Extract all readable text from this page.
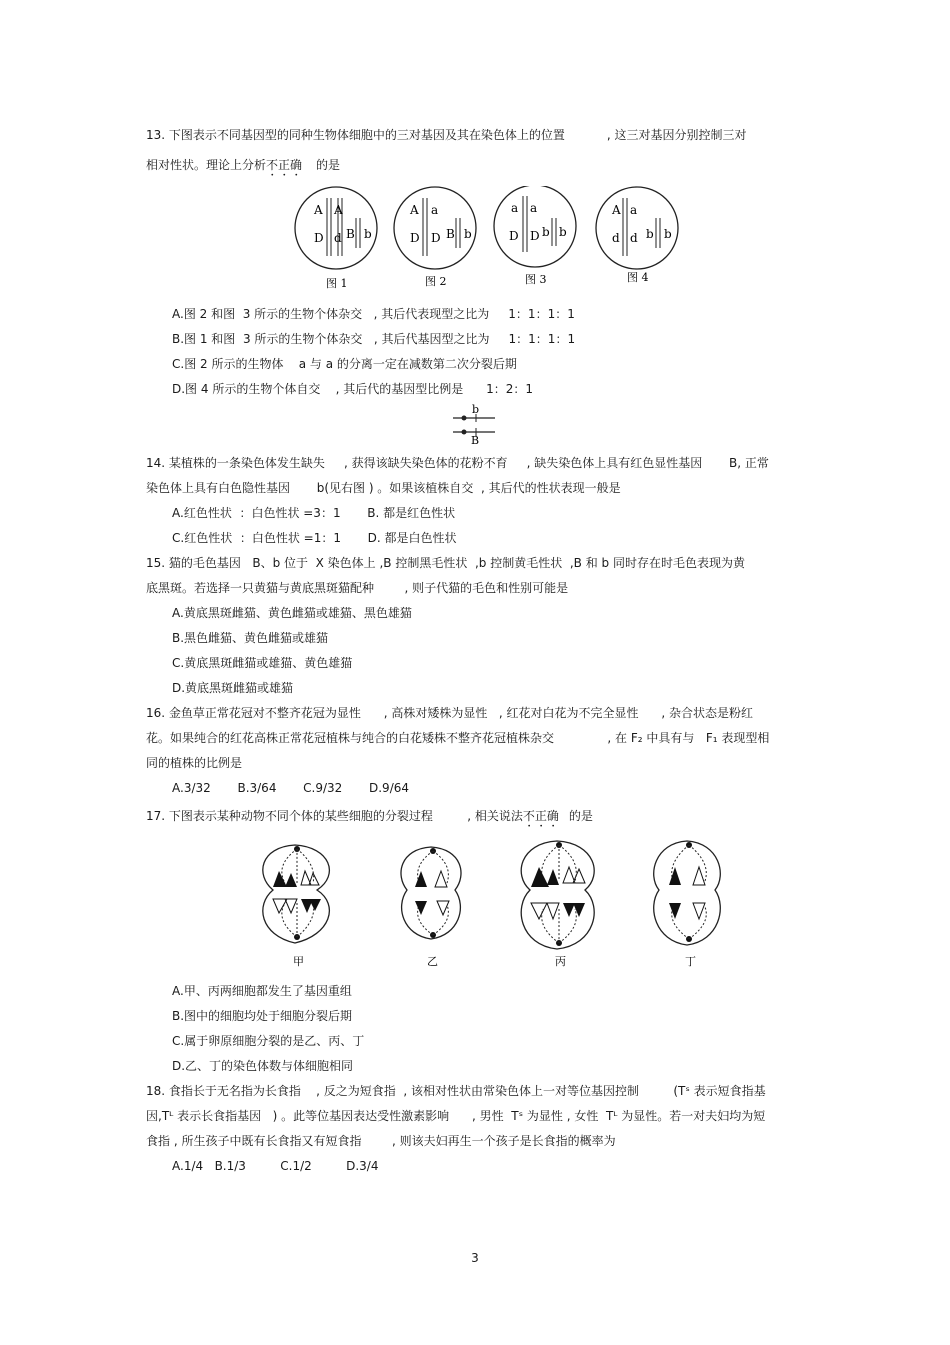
13. 下图表示不同基因型的同种生物体细胞中的三对基因及其在染色体上的位置	, 这三对基因分别控制三对
相对性状。理论上分析不正确 的是
A A
D d B b
A a
D D B b
a a
D D b b
A a
d d b b
图 1	图 2	图 3	图 4
A.图 2 和图  3 所示的生物个体杂交   , 其后代表现型之比为     1：1：1：1
B.图 1 和图  3 所示的生物个体杂交   , 其后代基因型之比为     1：1：1：1
C.图 2 所示的生物体    a 与 a 的分离一定在减数第二次分裂后期
D.图 4 所示的生物个体自交    , 其后代的基因型比例是      1：2：1
b
B
14. 某植株的一条染色体发生缺失     , 获得该缺失染色体的花粉不育     , 缺失染色体上具有红色显性基因       B, 正常
染色体上具有白色隐性基因       b(见右图 ) 。如果该植株自交  , 其后代的性状表现一般是
A.红色性状  ：白色性状 =3：1       B. 都是红色性状
C.红色性状  ：白色性状 =1：1       D. 都是白色性状
15. 猫的毛色基因   B、b 位于  X 染色体上 ,B 控制黑毛性状  ,b 控制黄毛性状  ,B 和 b 同时存在时毛色表现为黄
底黑斑。若选择一只黄猫与黄底黑斑猫配种        , 则子代猫的毛色和性别可能是
A.黄底黑斑雌猫、黄色雌猫或雄猫、黑色雄猫
B.黑色雌猫、黄色雌猫或雄猫
C.黄底黑斑雌猫或雄猫、黄色雄猫
D.黄底黑斑雌猫或雄猫
16. 金鱼草正常花冠对不整齐花冠为显性      , 高株对矮株为显性   , 红花对白花为不完全显性      , 杂合状态是粉红
花。如果纯合的红花高株正常花冠植株与纯合的白花矮株不整齐花冠植株杂交              , 在 F₂ 中具有与   F₁ 表现型相
同的植株的比例是
A.3/32       B.3/64       C.9/32       D.9/64
17. 下图表示某种动物不同个体的某些细胞的分裂过程         , 相关说法不正确 的是
甲	乙	丙	丁
A.甲、丙两细胞都发生了基因重组
B.图中的细胞均处于细胞分裂后期
C.属于卵原细胞分裂的是乙、丙、丁
D.乙、丁的染色体数与体细胞相同
18. 食指长于无名指为长食指    , 反之为短食指  , 该相对性状由常染色体上一对等位基因控制         (Tˢ 表示短食指基
因,Tᴸ 表示长食指基因   ) 。此等位基因表达受性激素影响      , 男性  Tˢ 为显性 , 女性  Tᴸ 为显性。若一对夫妇均为短
食指 , 所生孩子中既有长食指又有短食指        , 则该夫妇再生一个孩子是长食指的概率为
A.1/4   B.1/3         C.1/2         D.3/4
3
